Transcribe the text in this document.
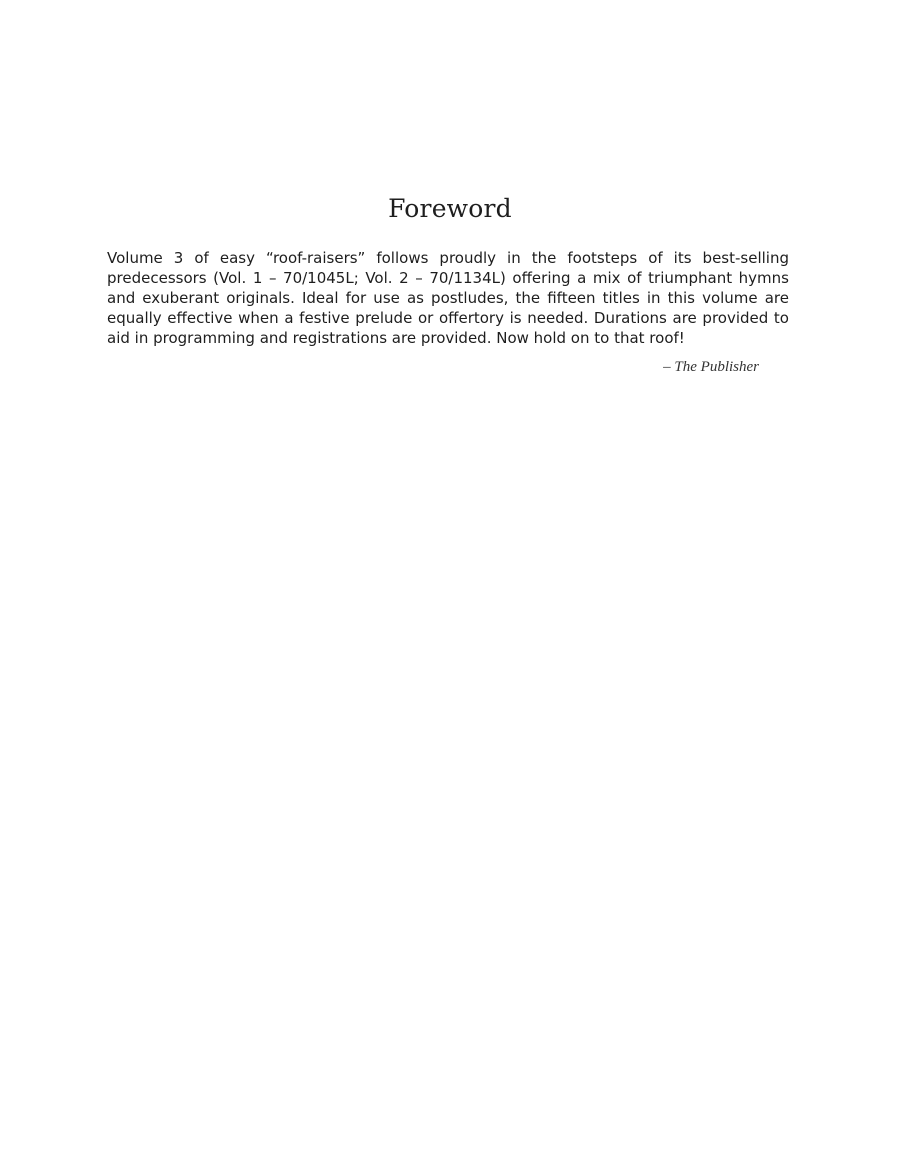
Foreword

Volume 3 of easy “roof-raisers” follows proudly in the footsteps of its best-selling predecessors (Vol. 1 – 70/1045L; Vol. 2 – 70/1134L) offering a mix of triumphant hymns and exuberant originals. Ideal for use as postludes, the fifteen titles in this volume are equally effective when a festive prelude or offertory is needed. Durations are provided to aid in programming and registrations are provided. Now hold on to that roof!

– The Publisher
